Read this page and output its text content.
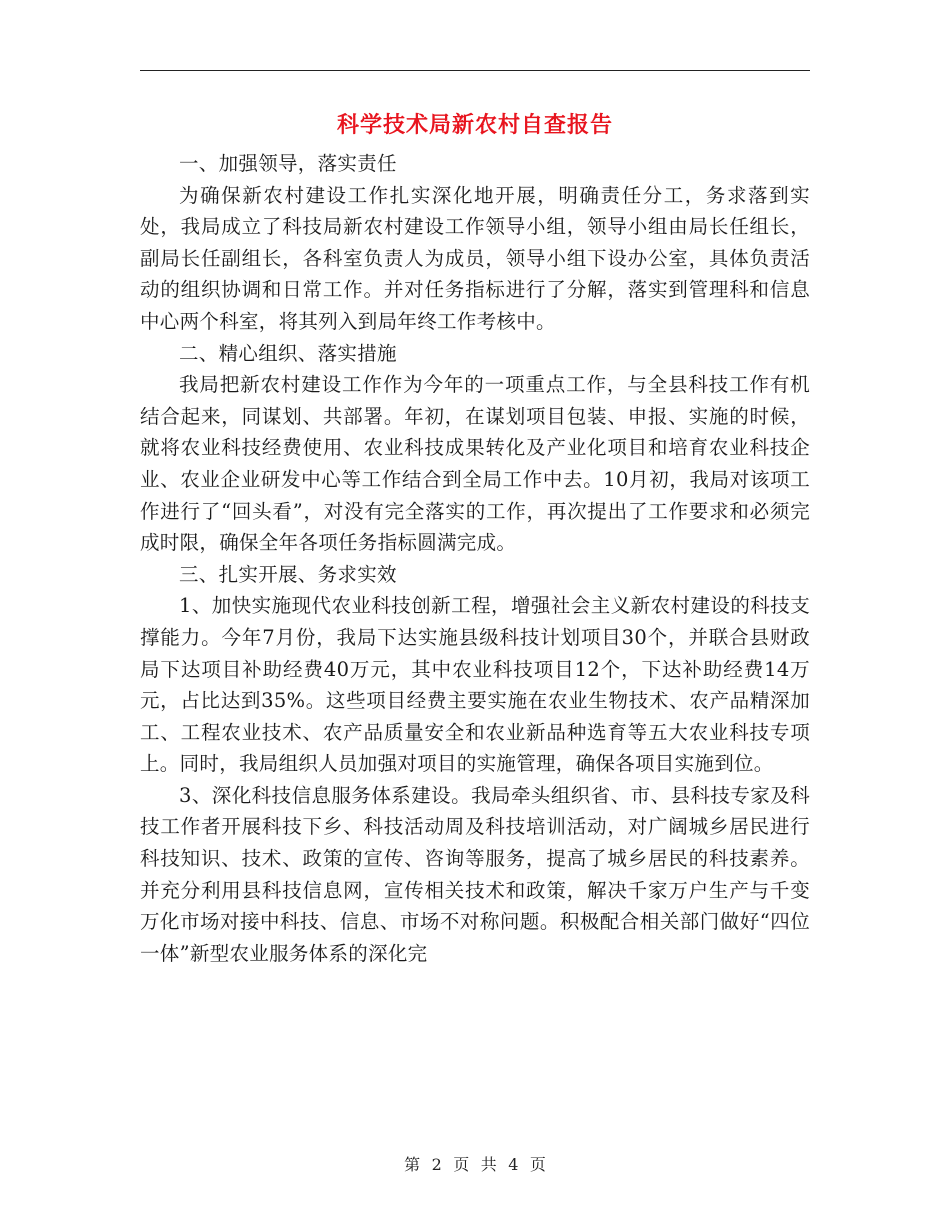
科学技术局新农村自查报告

一、加强领导，落实责任

为确保新农村建设工作扎实深化地开展，明确责任分工，务求落到实处，我局成立了科技局新农村建设工作领导小组，领导小组由局长任组长，副局长任副组长，各科室负责人为成员，领导小组下设办公室，具体负责活动的组织协调和日常工作。并对任务指标进行了分解，落实到管理科和信息中心两个科室，将其列入到局年终工作考核中。

二、精心组织、落实措施

我局把新农村建设工作作为今年的一项重点工作，与全县科技工作有机结合起来，同谋划、共部署。年初，在谋划项目包装、申报、实施的时候，就将农业科技经费使用、农业科技成果转化及产业化项目和培育农业科技企业、农业企业研发中心等工作结合到全局工作中去。10月初，我局对该项工作进行了“回头看”，对没有完全落实的工作，再次提出了工作要求和必须完成时限，确保全年各项任务指标圆满完成。

三、扎实开展、务求实效

1、加快实施现代农业科技创新工程，增强社会主义新农村建设的科技支撑能力。今年7月份，我局下达实施县级科技计划项目30个，并联合县财政局下达项目补助经费40万元，其中农业科技项目12个，下达补助经费14万元，占比达到35%。这些项目经费主要实施在农业生物技术、农产品精深加工、工程农业技术、农产品质量安全和农业新品种选育等五大农业科技专项上。同时，我局组织人员加强对项目的实施管理，确保各项目实施到位。

3、深化科技信息服务体系建设。我局牵头组织省、市、县科技专家及科技工作者开展科技下乡、科技活动周及科技培训活动，对广阔城乡居民进行科技知识、技术、政策的宣传、咨询等服务，提高了城乡居民的科技素养。并充分利用县科技信息网，宣传相关技术和政策，解决千家万户生产与千变万化市场对接中科技、信息、市场不对称问题。积极配合相关部门做好“四位一体”新型农业服务体系的深化完

第 2 页 共 4 页
